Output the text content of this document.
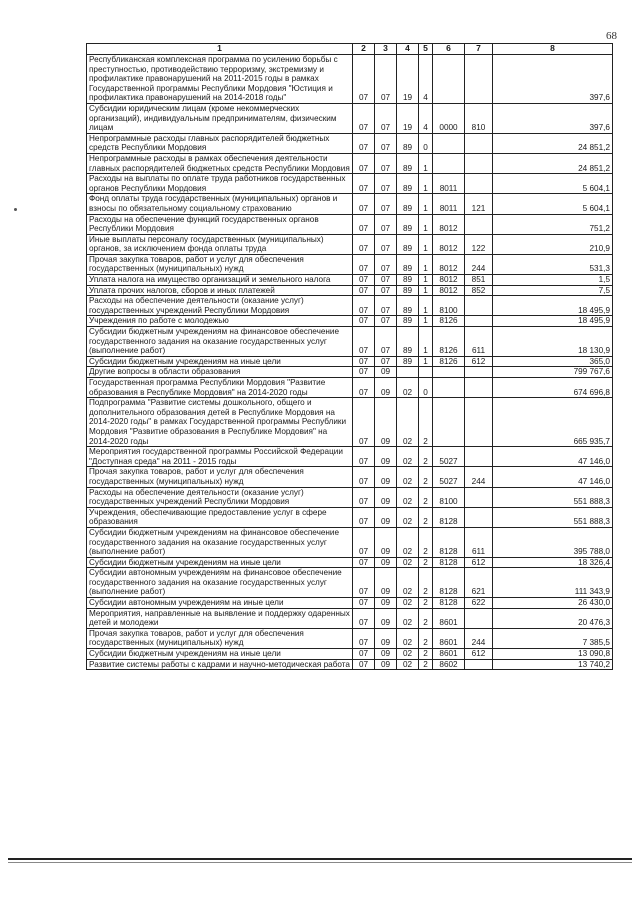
68
1	2	3	4	5	6	7	8
Республиканская комплексная программа по усилению борьбы с преступностью, противодействию терроризму, экстремизму и профилактике правонарушений на 2011-2015 годы в рамках Государственной программы Республики Мордовия "Юстиция и профилактика правонарушений на 2014-2018 годы"	07	07	19	4			397,6
Субсидии юридическим лицам (кроме некоммерческих организаций), индивидуальным предпринимателям, физическим лицам	07	07	19	4	0000	810	397,6
Непрограммные расходы главных распорядителей бюджетных средств Республики Мордовия	07	07	89	0			24 851,2
Непрограммные расходы в рамках обеспечения деятельности главных распорядителей бюджетных средств Республики Мордовия	07	07	89	1			24 851,2
Расходы на выплаты по оплате труда работников государственных органов Республики Мордовия	07	07	89	1	8011		5 604,1
Фонд оплаты труда государственных (муниципальных) органов и взносы по обязательному социальному страхованию	07	07	89	1	8011	121	5 604,1
Расходы на обеспечение функций государственных органов Республики Мордовия	07	07	89	1	8012		751,2
Иные выплаты персоналу государственных (муниципальных) органов, за исключением фонда оплаты труда	07	07	89	1	8012	122	210,9
Прочая закупка товаров, работ и услуг для обеспечения государственных (муниципальных) нужд	07	07	89	1	8012	244	531,3
Уплата налога на имущество организаций и земельного налога	07	07	89	1	8012	851	1,5
Уплата прочих налогов, сборов и иных платежей	07	07	89	1	8012	852	7,5
Расходы на обеспечение деятельности (оказание услуг) государственных учреждений Республики Мордовия	07	07	89	1	8100		18 495,9
Учреждения по работе с молодежью	07	07	89	1	8126		18 495,9
Субсидии бюджетным учреждениям на финансовое обеспечение государственного задания на оказание государственных услуг (выполнение работ)	07	07	89	1	8126	611	18 130,9
Субсидии бюджетным учреждениям на иные цели	07	07	89	1	8126	612	365,0
Другие вопросы в области образования	07	09					799 767,6
Государственная программа Республики Мордовия "Развитие образования в Республике Мордовия" на 2014-2020 годы	07	09	02	0			674 696,8
Подпрограмма "Развитие системы дошкольного, общего и дополнительного образования детей в Республике Мордовия на 2014-2020 годы" в рамках Государственной программы Республики Мордовия "Развитие образования в Республике Мордовия" на 2014-2020 годы	07	09	02	2			665 935,7
Мероприятия государственной программы Российской Федерации "Доступная среда" на 2011 - 2015 годы	07	09	02	2	5027		47 146,0
Прочая закупка товаров, работ и услуг для обеспечения государственных (муниципальных) нужд	07	09	02	2	5027	244	47 146,0
Расходы на обеспечение деятельности (оказание услуг) государственных учреждений Республики Мордовия	07	09	02	2	8100		551 888,3
Учреждения, обеспечивающие предоставление услуг в сфере образования	07	09	02	2	8128		551 888,3
Субсидии бюджетным учреждениям на финансовое обеспечение государственного задания на оказание государственных услуг (выполнение работ)	07	09	02	2	8128	611	395 788,0
Субсидии бюджетным учреждениям на иные цели	07	09	02	2	8128	612	18 326,4
Субсидии автономным учреждениям на финансовое обеспечение государственного задания на оказание государственных услуг (выполнение работ)	07	09	02	2	8128	621	111 343,9
Субсидии автономным учреждениям на иные цели	07	09	02	2	8128	622	26 430,0
Мероприятия, направленные на выявление и поддержку одаренных детей и молодежи	07	09	02	2	8601		20 476,3
Прочая закупка товаров, работ и услуг для обеспечения государственных (муниципальных) нужд	07	09	02	2	8601	244	7 385,5
Субсидии бюджетным учреждениям на иные цели	07	09	02	2	8601	612	13 090,8
Развитие системы работы с кадрами и научно-методическая работа	07	09	02	2	8602		13 740,2
